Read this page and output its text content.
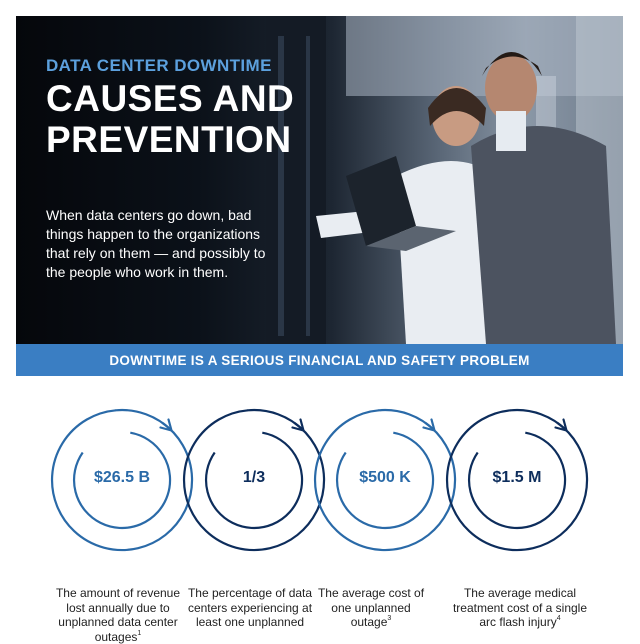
DATA CENTER DOWNTIME
CAUSES AND
PREVENTION
When data centers go down, bad things happen to the organizations that rely on them — and possibly to the people who work in them.
DOWNTIME IS A SERIOUS FINANCIAL AND SAFETY PROBLEM
$26.5 B	1/3	$500 K	$1.5 M
The amount of revenue lost annually due to unplanned data center outages$^1$
The percentage of data centers experiencing at least one unplanned
The average cost of one unplanned outage$^3$
The average medical treatment cost of a single arc flash injury$^4$
